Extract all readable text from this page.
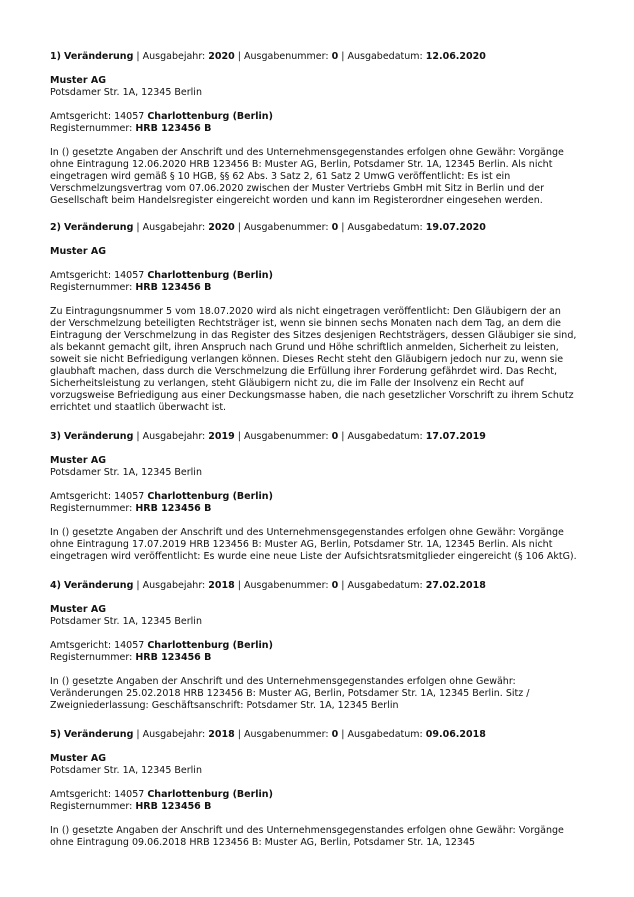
1) Veränderung | Ausgabejahr: 2020 | Ausgabenummer: 0 | Ausgabedatum: 12.06.2020
Muster AG
Potsdamer Str. 1A, 12345 Berlin
Amtsgericht: 14057 Charlottenburg (Berlin)
Registernummer: HRB 123456 B
In () gesetzte Angaben der Anschrift und des Unternehmensgegenstandes erfolgen ohne Gewähr: Vorgänge
ohne Eintragung 12.06.2020 HRB 123456 B: Muster AG, Berlin, Potsdamer Str. 1A, 12345 Berlin. Als nicht
eingetragen wird gemäß § 10 HGB, §§ 62 Abs. 3 Satz 2, 61 Satz 2 UmwG veröffentlicht: Es ist ein
Verschmelzungsvertrag vom 07.06.2020 zwischen der Muster Vertriebs GmbH mit Sitz in Berlin und der
Gesellschaft beim Handelsregister eingereicht worden und kann im Registerordner eingesehen werden.
2) Veränderung | Ausgabejahr: 2020 | Ausgabenummer: 0 | Ausgabedatum: 19.07.2020
Muster AG
Amtsgericht: 14057 Charlottenburg (Berlin)
Registernummer: HRB 123456 B
Zu Eintragungsnummer 5 vom 18.07.2020 wird als nicht eingetragen veröffentlicht: Den Gläubigern der an
der Verschmelzung beteiligten Rechtsträger ist, wenn sie binnen sechs Monaten nach dem Tag, an dem die
Eintragung der Verschmelzung in das Register des Sitzes desjenigen Rechtsträgers, dessen Gläubiger sie sind,
als bekannt gemacht gilt, ihren Anspruch nach Grund und Höhe schriftlich anmelden, Sicherheit zu leisten,
soweit sie nicht Befriedigung verlangen können. Dieses Recht steht den Gläubigern jedoch nur zu, wenn sie
glaubhaft machen, dass durch die Verschmelzung die Erfüllung ihrer Forderung gefährdet wird. Das Recht,
Sicherheitsleistung zu verlangen, steht Gläubigern nicht zu, die im Falle der Insolvenz ein Recht auf
vorzugsweise Befriedigung aus einer Deckungsmasse haben, die nach gesetzlicher Vorschrift zu ihrem Schutz
errichtet und staatlich überwacht ist.
3) Veränderung | Ausgabejahr: 2019 | Ausgabenummer: 0 | Ausgabedatum: 17.07.2019
Muster AG
Potsdamer Str. 1A, 12345 Berlin
Amtsgericht: 14057 Charlottenburg (Berlin)
Registernummer: HRB 123456 B
In () gesetzte Angaben der Anschrift und des Unternehmensgegenstandes erfolgen ohne Gewähr: Vorgänge
ohne Eintragung 17.07.2019 HRB 123456 B: Muster AG, Berlin, Potsdamer Str. 1A, 12345 Berlin. Als nicht
eingetragen wird veröffentlicht: Es wurde eine neue Liste der Aufsichtsratsmitglieder eingereicht (§ 106 AktG).
4) Veränderung | Ausgabejahr: 2018 | Ausgabenummer: 0 | Ausgabedatum: 27.02.2018
Muster AG
Potsdamer Str. 1A, 12345 Berlin
Amtsgericht: 14057 Charlottenburg (Berlin)
Registernummer: HRB 123456 B
In () gesetzte Angaben der Anschrift und des Unternehmensgegenstandes erfolgen ohne Gewähr:
Veränderungen 25.02.2018 HRB 123456 B: Muster AG, Berlin, Potsdamer Str. 1A, 12345 Berlin. Sitz /
Zweigniederlassung: Geschäftsanschrift: Potsdamer Str. 1A, 12345 Berlin
5) Veränderung | Ausgabejahr: 2018 | Ausgabenummer: 0 | Ausgabedatum: 09.06.2018
Muster AG
Potsdamer Str. 1A, 12345 Berlin
Amtsgericht: 14057 Charlottenburg (Berlin)
Registernummer: HRB 123456 B
In () gesetzte Angaben der Anschrift und des Unternehmensgegenstandes erfolgen ohne Gewähr: Vorgänge
ohne Eintragung 09.06.2018 HRB 123456 B: Muster AG, Berlin, Potsdamer Str. 1A, 12345
